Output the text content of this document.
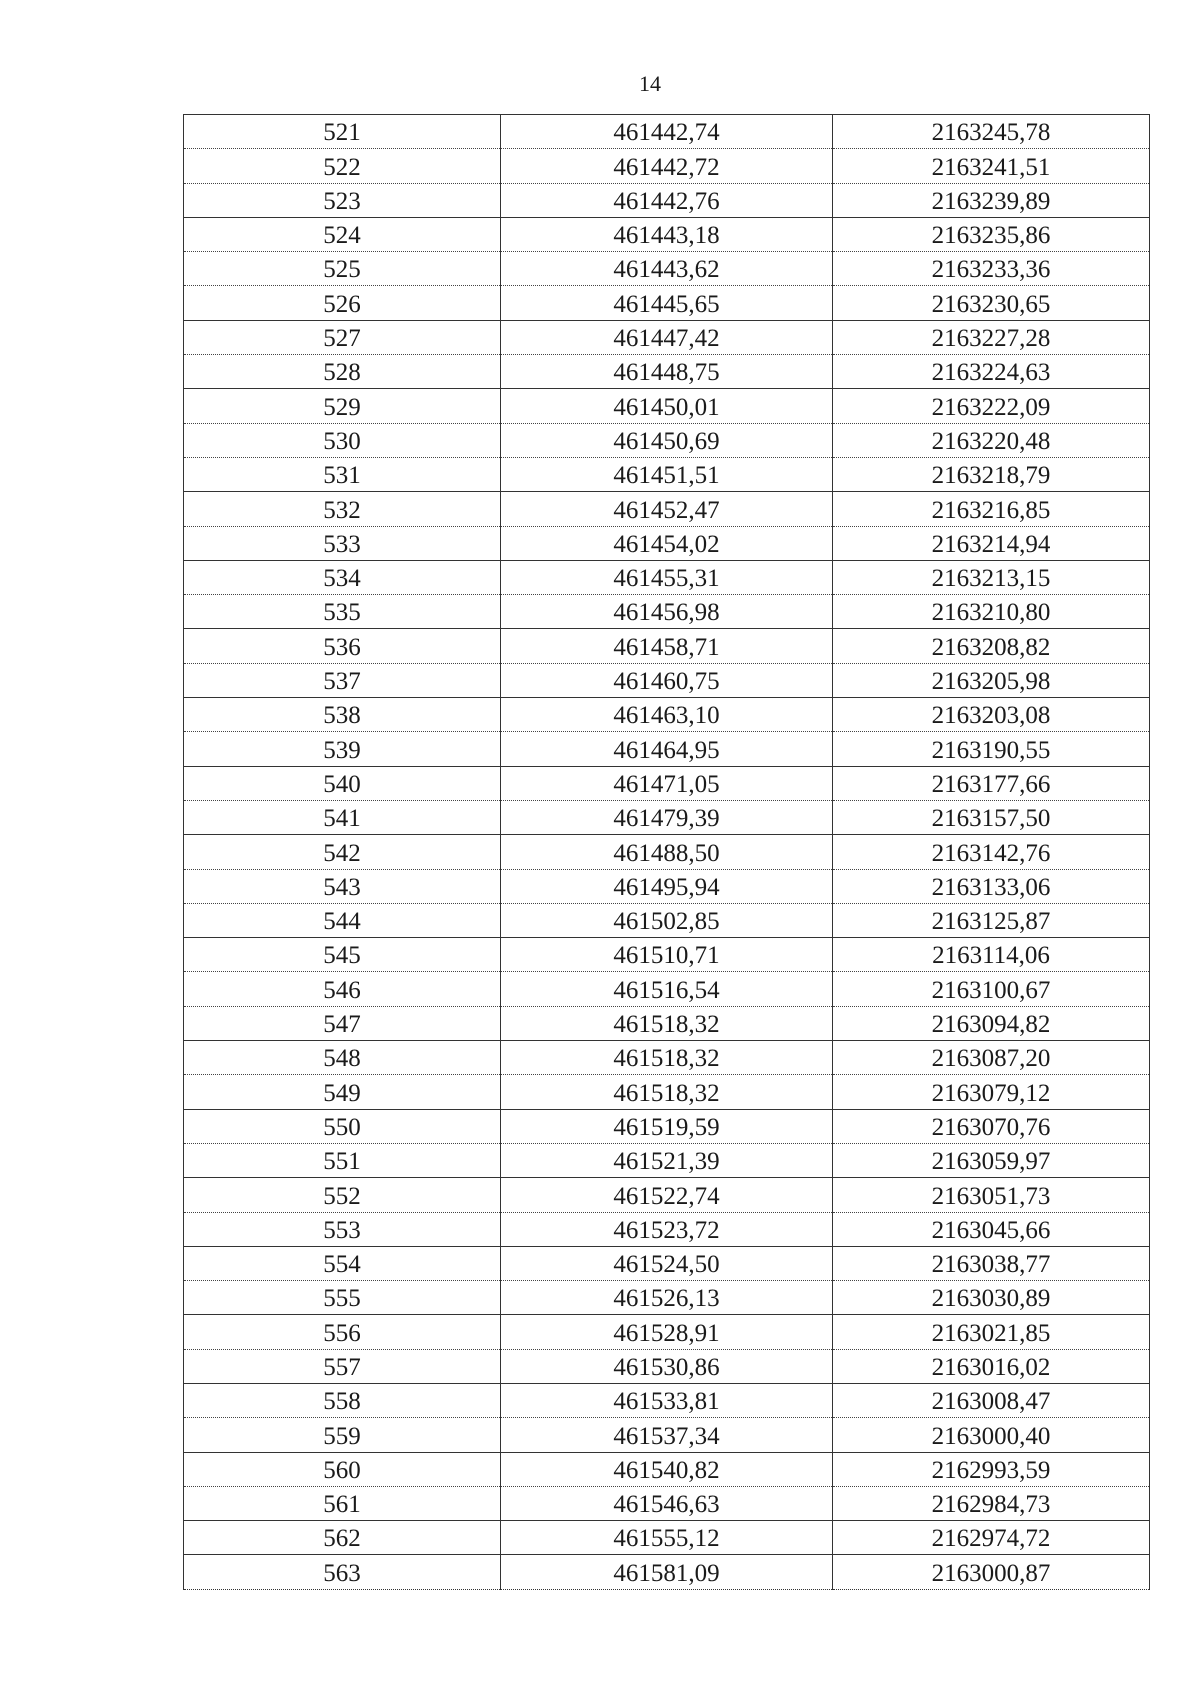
14
521	461442,74	2163245,78
522	461442,72	2163241,51
523	461442,76	2163239,89
524	461443,18	2163235,86
525	461443,62	2163233,36
526	461445,65	2163230,65
527	461447,42	2163227,28
528	461448,75	2163224,63
529	461450,01	2163222,09
530	461450,69	2163220,48
531	461451,51	2163218,79
532	461452,47	2163216,85
533	461454,02	2163214,94
534	461455,31	2163213,15
535	461456,98	2163210,80
536	461458,71	2163208,82
537	461460,75	2163205,98
538	461463,10	2163203,08
539	461464,95	2163190,55
540	461471,05	2163177,66
541	461479,39	2163157,50
542	461488,50	2163142,76
543	461495,94	2163133,06
544	461502,85	2163125,87
545	461510,71	2163114,06
546	461516,54	2163100,67
547	461518,32	2163094,82
548	461518,32	2163087,20
549	461518,32	2163079,12
550	461519,59	2163070,76
551	461521,39	2163059,97
552	461522,74	2163051,73
553	461523,72	2163045,66
554	461524,50	2163038,77
555	461526,13	2163030,89
556	461528,91	2163021,85
557	461530,86	2163016,02
558	461533,81	2163008,47
559	461537,34	2163000,40
560	461540,82	2162993,59
561	461546,63	2162984,73
562	461555,12	2162974,72
563	461581,09	2163000,87
